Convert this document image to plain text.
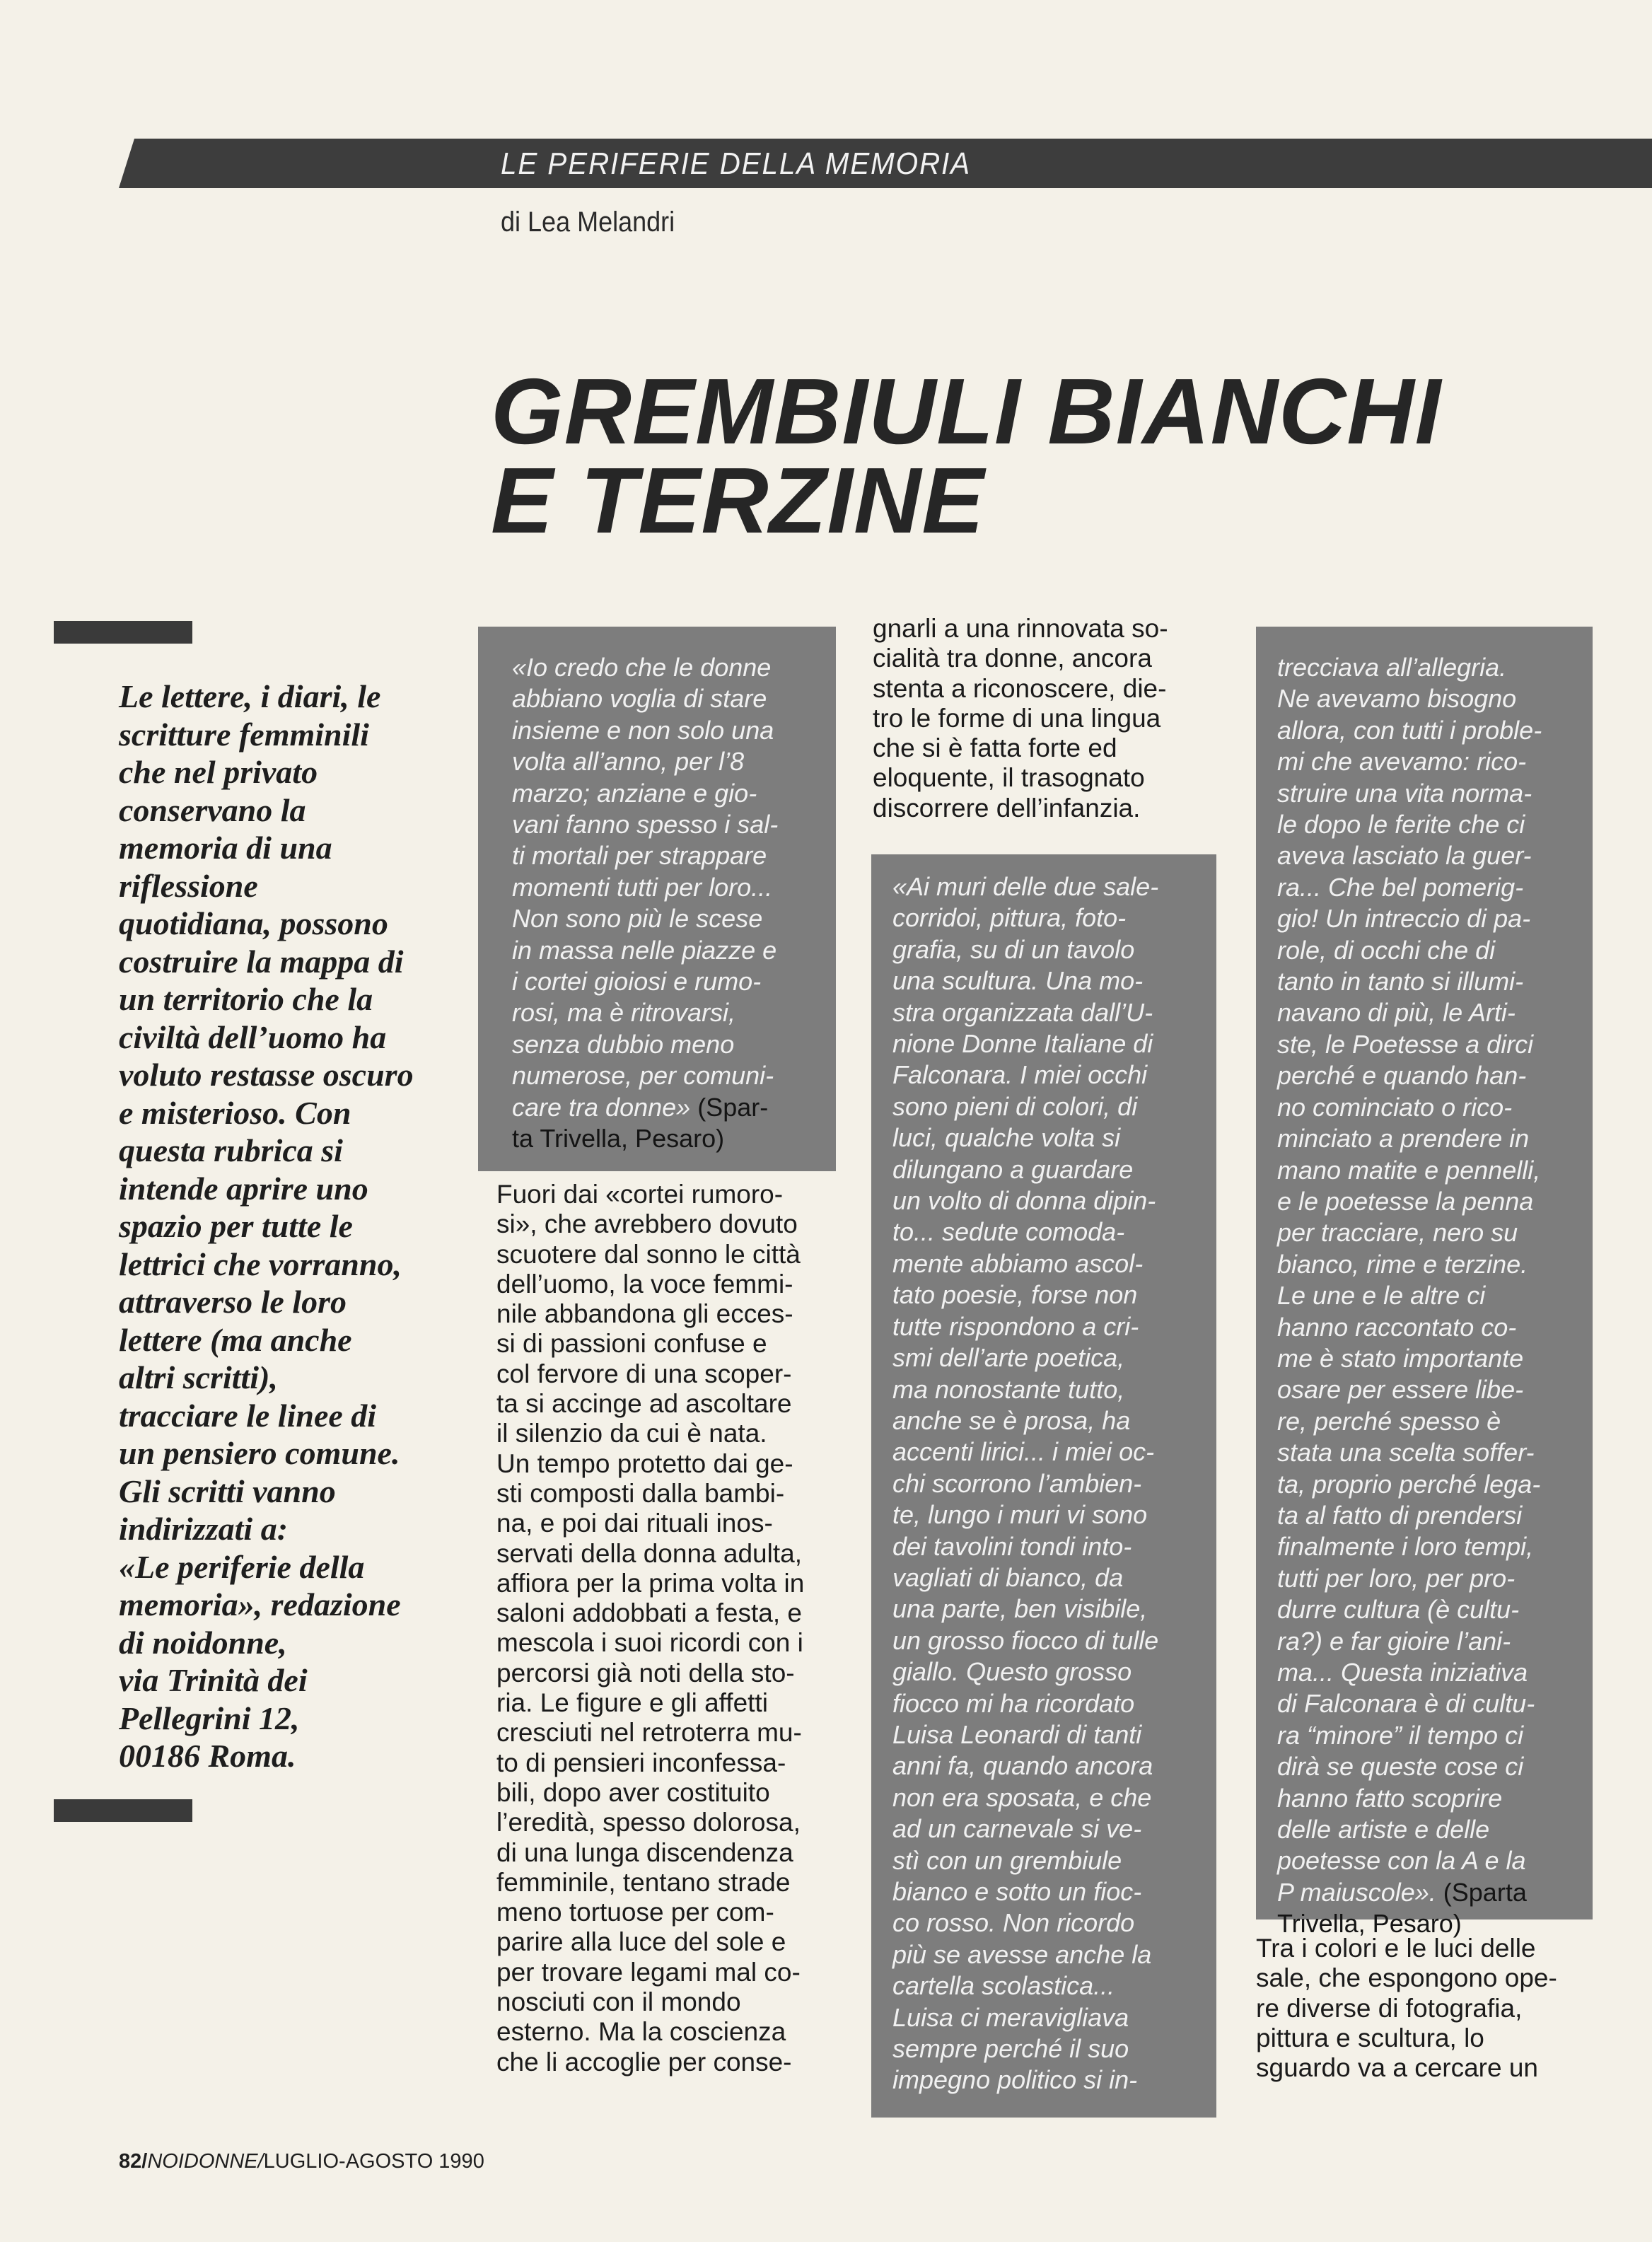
LE PERIFERIE DELLA MEMORIA
di Lea Melandri
GREMBIULI BIANCHI
E TERZINE
Le lettere, i diari, le
scritture femminili
che nel privato
conservano la
memoria di una
riflessione
quotidiana, possono
costruire la mappa di
un territorio che la
civiltà dell’uomo ha
voluto restasse oscuro
e misterioso. Con
questa rubrica si
intende aprire uno
spazio per tutte le
lettrici che vorranno,
attraverso le loro
lettere (ma anche
altri scritti),
tracciare le linee di
un pensiero comune.
Gli scritti vanno
indirizzati a:
«Le periferie della
memoria», redazione
di noidonne,
via Trinità dei
Pellegrini 12,
00186 Roma.
«Io credo che le donne
abbiano voglia di stare
insieme e non solo una
volta all’anno, per l’8
marzo; anziane e gio-
vani fanno spesso i sal-
ti mortali per strappare
momenti tutti per loro...
Non sono più le scese
in massa nelle piazze e
i cortei gioiosi e rumo-
rosi, ma è ritrovarsi,
senza dubbio meno
numerose, per comuni-
care tra donne» (Spar-
ta Trivella, Pesaro)
Fuori dai «cortei rumoro-
si», che avrebbero dovuto
scuotere dal sonno le città
dell’uomo, la voce femmi-
nile abbandona gli ecces-
si di passioni confuse e
col fervore di una scoper-
ta si accinge ad ascoltare
il silenzio da cui è nata.
Un tempo protetto dai ge-
sti composti dalla bambi-
na, e poi dai rituali inos-
servati della donna adulta,
affiora per la prima volta in
saloni addobbati a festa, e
mescola i suoi ricordi con i
percorsi già noti della sto-
ria. Le figure e gli affetti
cresciuti nel retroterra mu-
to di pensieri inconfessa-
bili, dopo aver costituito
l’eredità, spesso dolorosa,
di una lunga discendenza
femminile, tentano strade
meno tortuose per com-
parire alla luce del sole e
per trovare legami mal co-
nosciuti con il mondo
esterno. Ma la coscienza
che li accoglie per conse-
gnarli a una rinnovata so-
cialità tra donne, ancora
stenta a riconoscere, die-
tro le forme di una lingua
che si è fatta forte ed
eloquente, il trasognato
discorrere dell’infanzia.
«Ai muri delle due sale-
corridoi, pittura, foto-
grafia, su di un tavolo
una scultura. Una mo-
stra organizzata dall’U-
nione Donne Italiane di
Falconara. I miei occhi
sono pieni di colori, di
luci, qualche volta si
dilungano a guardare
un volto di donna dipin-
to... sedute comoda-
mente abbiamo ascol-
tato poesie, forse non
tutte rispondono a cri-
smi dell’arte poetica,
ma nonostante tutto,
anche se è prosa, ha
accenti lirici... i miei oc-
chi scorrono l’ambien-
te, lungo i muri vi sono
dei tavolini tondi into-
vagliati di bianco, da
una parte, ben visibile,
un grosso fiocco di tulle
giallo. Questo grosso
fiocco mi ha ricordato
Luisa Leonardi di tanti
anni fa, quando ancora
non era sposata, e che
ad un carnevale si ve-
stì con un grembiule
bianco e sotto un fioc-
co rosso. Non ricordo
più se avesse anche la
cartella scolastica...
Luisa ci meravigliava
sempre perché il suo
impegno politico si in-
trecciava all’allegria.
Ne avevamo bisogno
allora, con tutti i proble-
mi che avevamo: rico-
struire una vita norma-
le dopo le ferite che ci
aveva lasciato la guer-
ra... Che bel pomerig-
gio! Un intreccio di pa-
role, di occhi che di
tanto in tanto si illumi-
navano di più, le Arti-
ste, le Poetesse a dirci
perché e quando han-
no cominciato o rico-
minciato a prendere in
mano matite e pennelli,
e le poetesse la penna
per tracciare, nero su
bianco, rime e terzine.
Le une e le altre ci
hanno raccontato co-
me è stato importante
osare per essere libe-
re, perché spesso è
stata una scelta soffer-
ta, proprio perché lega-
ta al fatto di prendersi
finalmente i loro tempi,
tutti per loro, per pro-
durre cultura (è cultu-
ra?) e far gioire l’ani-
ma... Questa iniziativa
di Falconara è di cultu-
ra “minore” il tempo ci
dirà se queste cose ci
hanno fatto scoprire
delle artiste e delle
poetesse con la A e la
P maiuscole». (Sparta
Trivella, Pesaro)
Tra i colori e le luci delle
sale, che espongono ope-
re diverse di fotografia,
pittura e scultura, lo
sguardo va a cercare un
82/NOIDONNE/LUGLIO-AGOSTO 1990
